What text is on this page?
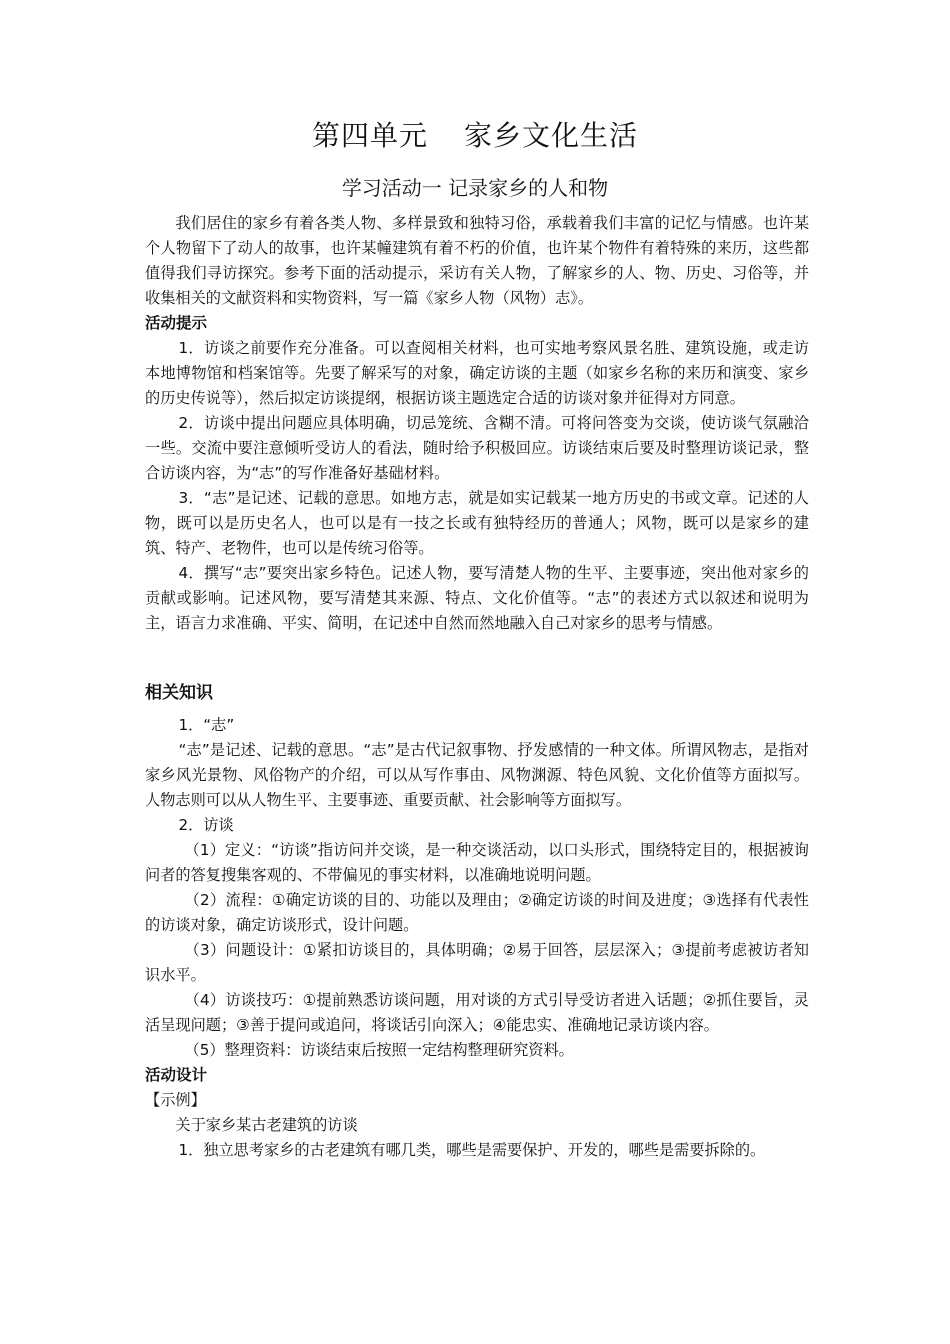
第四单元 家乡文化生活
学习活动一 记录家乡的人和物

我们居住的家乡有着各类人物、多样景致和独特习俗，承载着我们丰富的记忆与情感。也许某个人物留下了动人的故事，也许某幢建筑有着不朽的价值，也许某个物件有着特殊的来历，这些都值得我们寻访探究。参考下面的活动提示，采访有关人物，了解家乡的人、物、历史、习俗等，并收集相关的文献资料和实物资料，写一篇《家乡人物（风物）志》。

活动提示

1．访谈之前要作充分准备。可以查阅相关材料，也可实地考察风景名胜、建筑设施，或走访本地博物馆和档案馆等。先要了解采写的对象，确定访谈的主题（如家乡名称的来历和演变、家乡的历史传说等），然后拟定访谈提纲，根据访谈主题选定合适的访谈对象并征得对方同意。

2．访谈中提出问题应具体明确，切忌笼统、含糊不清。可将问答变为交谈，使访谈气氛融洽一些。交流中要注意倾听受访人的看法，随时给予积极回应。访谈结束后要及时整理访谈记录，整合访谈内容，为“志”的写作准备好基础材料。

3．“志”是记述、记载的意思。如地方志，就是如实记载某一地方历史的书或文章。记述的人物，既可以是历史名人，也可以是有一技之长或有独特经历的普通人；风物，既可以是家乡的建筑、特产、老物件，也可以是传统习俗等。

4．撰写“志”要突出家乡特色。记述人物，要写清楚人物的生平、主要事迹，突出他对家乡的贡献或影响。记述风物，要写清楚其来源、特点、文化价值等。“志”的表述方式以叙述和说明为主，语言力求准确、平实、简明，在记述中自然而然地融入自己对家乡的思考与情感。

相关知识

1．“志”

“志”是记述、记载的意思。“志”是古代记叙事物、抒发感情的一种文体。所谓风物志，是指对家乡风光景物、风俗物产的介绍，可以从写作事由、风物渊源、特色风貌、文化价值等方面拟写。人物志则可以从人物生平、主要事迹、重要贡献、社会影响等方面拟写。

2．访谈

（1）定义：“访谈”指访问并交谈，是一种交谈活动，以口头形式，围绕特定目的，根据被询问者的答复搜集客观的、不带偏见的事实材料，以准确地说明问题。

（2）流程：①确定访谈的目的、功能以及理由；②确定访谈的时间及进度；③选择有代表性的访谈对象，确定访谈形式，设计问题。

（3）问题设计：①紧扣访谈目的，具体明确；②易于回答，层层深入；③提前考虑被访者知识水平。

（4）访谈技巧：①提前熟悉访谈问题，用对谈的方式引导受访者进入话题；②抓住要旨，灵活呈现问题；③善于提问或追问，将谈话引向深入；④能忠实、准确地记录访谈内容。

（5）整理资料：访谈结束后按照一定结构整理研究资料。

活动设计

【示例】

关于家乡某古老建筑的访谈

1．独立思考家乡的古老建筑有哪几类，哪些是需要保护、开发的，哪些是需要拆除的。
